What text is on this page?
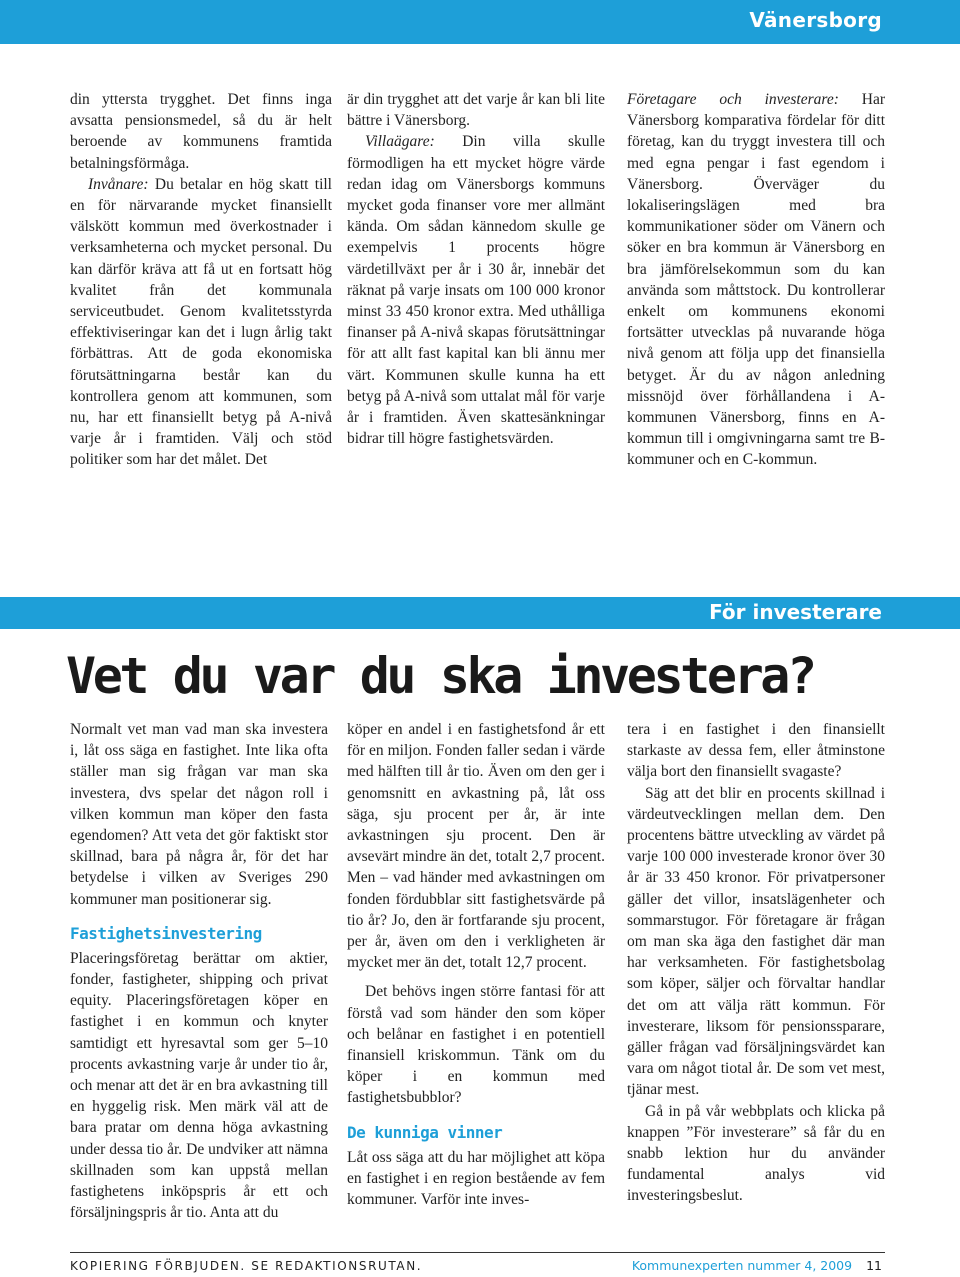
Vänersborg

din yttersta trygghet. Det finns inga avsatta pensionsmedel, så du är helt beroende av kommunens framtida betalningsförmåga.

Invånare: Du betalar en hög skatt till en för närvarande mycket finansiellt välskött kommun med överkostnader i verksamheterna och mycket personal. Du kan därför kräva att få ut en fortsatt hög kvalitet från det kommunala serviceutbudet. Genom kvalitetsstyrda effektiviseringar kan det i lugn årlig takt förbättras. Att de goda ekonomiska förutsättningarna består kan du kontrollera genom att kommunen, som nu, har ett finansiellt betyg på A-nivå varje år i framtiden. Välj och stöd politiker som har det målet. Det

är din trygghet att det varje år kan bli lite bättre i Vänersborg.

Villaägare: Din villa skulle förmodligen ha ett mycket högre värde redan idag om Vänersborgs kommuns mycket goda finanser vore mer allmänt kända. Om sådan kännedom skulle ge exempelvis 1 procents högre värdetillväxt per år i 30 år, innebär det räknat på varje insats om 100 000 kronor minst 33 450 kronor extra. Med uthålliga finanser på A-nivå skapas förutsättningar för att allt fast kapital kan bli ännu mer värt. Kommunen skulle kunna ha ett betyg på A-nivå som uttalat mål för varje år i framtiden. Även skattesänkningar bidrar till högre fastighetsvärden.

Företagare och investerare: Har Vänersborg komparativa fördelar för ditt företag, kan du tryggt investera till och med egna pengar i fast egendom i Vänersborg. Överväger du lokaliseringslägen med bra kommunikationer söder om Vänern och söker en bra kommun är Vänersborg en bra jämförelsekommun som du kan använda som måttstock. Du kontrollerar enkelt om kommunens ekonomi fortsätter utvecklas på nuvarande höga nivå genom att följa upp det finansiella betyget. Är du av någon anledning missnöjd över förhållandena i A-kommunen Vänersborg, finns en A-kommun till i omgivningarna samt tre B-kommuner och en C-kommun.

För investerare
Vet du var du ska investera?

Normalt vet man vad man ska investera i, låt oss säga en fastighet. Inte lika ofta ställer man sig frågan var man ska investera, dvs spelar det någon roll i vilken kommun man köper den fasta egendomen? Att veta det gör faktiskt stor skillnad, bara på några år, för det har betydelse i vilken av Sveriges 290 kommuner man positionerar sig.

Fastighetsinvestering

Placeringsföretag berättar om aktier, fonder, fastigheter, shipping och privat equity. Placeringsföretagen köper en fastighet i en kommun och knyter samtidigt ett hyresavtal som ger 5–10 procents avkastning varje år under tio år, och menar att det är en bra avkastning till en hyggelig risk. Men märk väl att de bara pratar om denna höga avkastning under dessa tio år. De undviker att nämna skillnaden som kan uppstå mellan fastighetens inköpspris år ett och försäljningspris år tio. Anta att du

köper en andel i en fastighetsfond år ett för en miljon. Fonden faller sedan i värde med hälften till år tio. Även om den ger i genomsnitt en avkastning på, låt oss säga, sju procent per år, är inte avkastningen sju procent. Den är avsevärt mindre än det, totalt 2,7 procent. Men – vad händer med avkastningen om fonden fördubblar sitt fastighetsvärde på tio år? Jo, den är fortfarande sju procent, per år, även om den i verkligheten är mycket mer än det, totalt 12,7 procent.

Det behövs ingen större fantasi för att förstå vad som händer den som köper och belånar en fastighet i en potentiell finansiell kriskommun. Tänk om du köper i en kommun med fastighetsbubblor?

De kunniga vinner

Låt oss säga att du har möjlighet att köpa en fastighet i en region bestående av fem kommuner. Varför inte inves-

tera i en fastighet i den finansiellt starkaste av dessa fem, eller åtminstone välja bort den finansiellt svagaste?

Säg att det blir en procents skillnad i värdeutvecklingen mellan dem. Den procentens bättre utveckling av värdet på varje 100 000 investerade kronor över 30 år är 33 450 kronor. För privatpersoner gäller det villor, insatslägenheter och sommarstugor. För företagare är frågan om man ska äga den fastighet där man har verksamheten. För fastighetsbolag som köper, säljer och förvaltar handlar det om att välja rätt kommun. För investerare, liksom för pensionssparare, gäller frågan vad försäljningsvärdet kan vara om något tiotal år. De som vet mest, tjänar mest.

Gå in på vår webbplats och klicka på knappen ”För investerare” så får du en snabb lektion hur du använder fundamental analys vid investeringsbeslut.

KOPIERING FÖRBJUDEN. SE REDAKTIONSRUTAN.	Kommunexperten nummer 4, 2009 11
